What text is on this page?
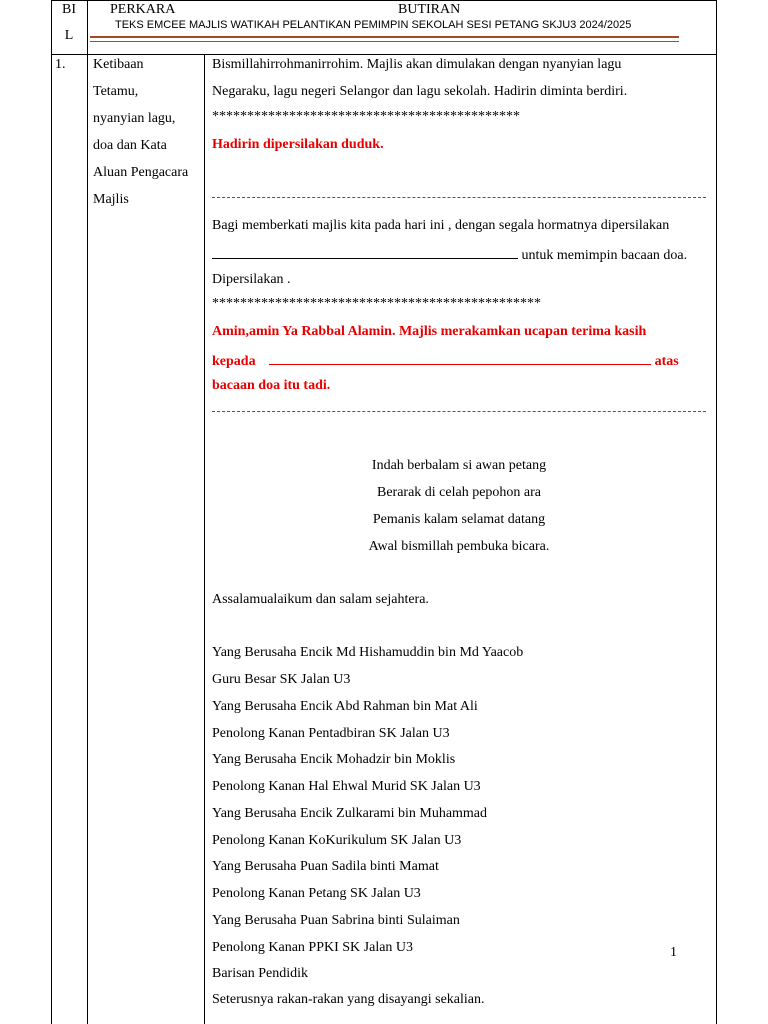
BI
L
PERKARA	BUTIRAN
TEKS EMCEE MAJLIS WATIKAH PELANTIKAN PEMIMPIN SEKOLAH SESI PETANG SKJU3 2024/2025
1. Ketibaan
Tetamu,
nyanyian lagu,
doa dan Kata
Aluan Pengacara
Majlis
Bismillahirrohmanirrohim. Majlis akan dimulakan dengan nyanyian lagu
Negaraku, lagu negeri Selangor dan lagu sekolah. Hadirin diminta berdiri.
********************************************
Hadirin dipersilakan duduk.
Bagi memberkati majlis kita pada hari ini , dengan segala hormatnya dipersilakan
untuk memimpin bacaan doa.
Dipersilakan .
***********************************************
Amin,amin Ya Rabbal Alamin. Majlis merakamkan ucapan terima kasih
kepada	atas
bacaan doa itu tadi.
Indah berbalam si awan petang
Berarak di celah pepohon ara
Pemanis kalam selamat datang
Awal bismillah pembuka bicara.
Assalamualaikum dan salam sejahtera.
Yang Berusaha Encik Md Hishamuddin bin Md Yaacob
Guru Besar SK Jalan U3
Yang Berusaha Encik Abd Rahman bin Mat Ali
Penolong Kanan Pentadbiran SK Jalan U3
Yang Berusaha Encik Mohadzir bin Moklis
Penolong Kanan Hal Ehwal Murid SK Jalan U3
Yang Berusaha Encik Zulkarami bin Muhammad
Penolong Kanan KoKurikulum SK Jalan U3
Yang Berusaha Puan Sadila binti Mamat
Penolong Kanan Petang SK Jalan U3
Yang Berusaha Puan Sabrina binti Sulaiman
Penolong Kanan PPKI SK Jalan U3
Barisan Pendidik
Seterusnya rakan-rakan yang disayangi sekalian.
1
